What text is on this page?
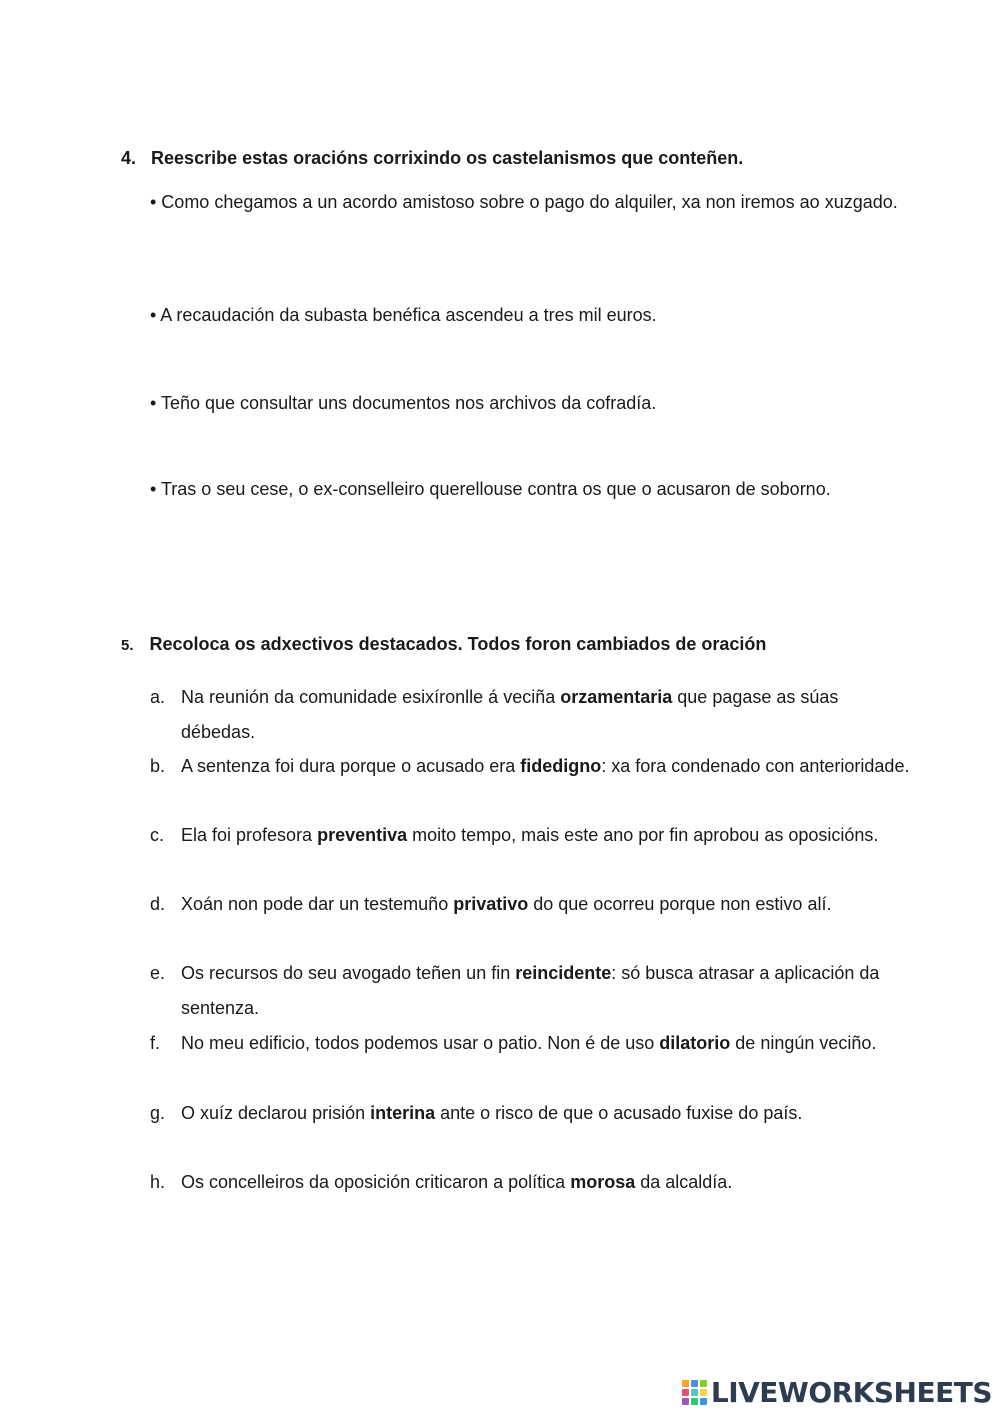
4. Reescribe estas oracións corrixindo os castelanismos que conteñen.
• Como chegamos a un acordo amistoso sobre o pago do alquiler, xa non iremos ao xuzgado.
• A recaudación da subasta benéfica ascendeu a tres mil euros.
• Teño que consultar uns documentos nos archivos da cofradía.
• Tras o seu cese, o ex-conselleiro querellouse contra os que o acusaron de soborno.
5. Recoloca os adxectivos destacados. Todos foron cambiados de oración
a. Na reunión da comunidade esixíronlle á veciña orzamentaria que pagase as súas débedas.
b. A sentenza foi dura porque o acusado era fidedigno: xa fora condenado con anterioridade.
c. Ela foi profesora preventiva moito tempo, mais este ano por fin aprobou as oposicións.
d. Xoán non pode dar un testemuño privativo do que ocorreu porque non estivo alí.
e. Os recursos do seu avogado teñen un fin reincidente: só busca atrasar a aplicación da sentenza.
f. No meu edificio, todos podemos usar o patio. Non é de uso dilatorio de ningún veciño.
g. O xuíz declarou prisión interina ante o risco de que o acusado fuxise do país.
h. Os concelleiros da oposición criticaron a política morosa da alcaldía.
LIVEWORKSHEETS
